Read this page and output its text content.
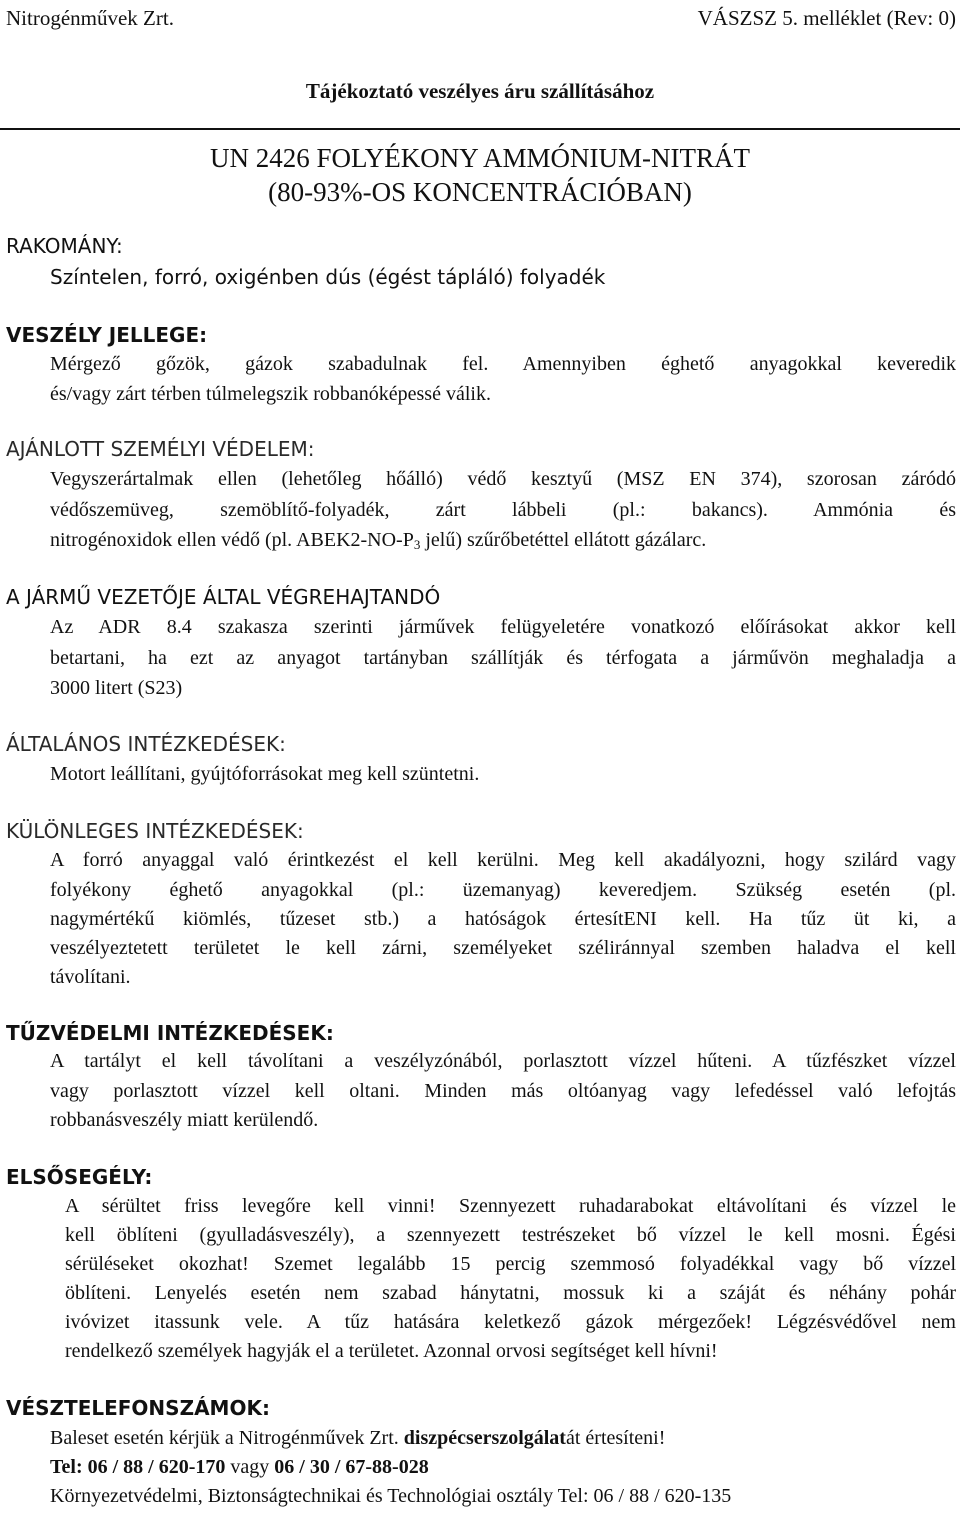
Nitrogénművek Zrt.	VÁSZSZ 5. melléklet (Rev: 0)
Tájékoztató veszélyes áru szállításához
UN 2426 FOLYÉKONY AMMÓNIUM-NITRÁT
(80-93%-OS KONCENTRÁCIÓBAN)
RAKOMÁNY:
Színtelen, forró, oxigénben dús (égést tápláló) folyadék
VESZÉLY JELLEGE:
Mérgező gőzök, gázok szabadulnak fel. Amennyiben éghető anyagokkal keveredik
és/vagy zárt térben túlmelegszik robbanóképessé válik.
AJÁNLOTT SZEMÉLYI VÉDELEM:
Vegyszerártalmak ellen (lehetőleg hőálló) védő kesztyű (MSZ EN 374), szorosan záródó
védőszemüveg, szemöblítő-folyadék, zárt lábbeli (pl.: bakancs). Ammónia és
nitrogénoxidok ellen védő (pl. $ABEK2-NO-P_3$ jelű) szűrőbetéttel ellátott gázálarc.
A JÁRMŰ VEZETŐJE ÁLTAL VÉGREHAJTANDÓ
Az ADR 8.4 szakasza szerinti járművek felügyeletére vonatkozó előírásokat akkor kell
betartani, ha ezt az anyagot tartányban szállítják és térfogata a járművön meghaladja a
3000 litert (S23)
ÁLTALÁNOS INTÉZKEDÉSEK:
Motort leállítani, gyújtóforrásokat meg kell szüntetni.
KÜLÖNLEGES INTÉZKEDÉSEK:
A forró anyaggal való érintkezést el kell kerülni. Meg kell akadályozni, hogy szilárd vagy
folyékony éghető anyagokkal (pl.: üzemanyag) keveredjem. Szükség esetén (pl.
nagymértékű kiömlés, tűzeset stb.) a hatóságok értesítENI kell. Ha tűz üt ki, a
veszélyeztetett területet le kell zárni, személyeket széliránnyal szemben haladva el kell
távolítani.
TŰZVÉDELMI INTÉZKEDÉSEK:
A tartályt el kell távolítani a veszélyzónából, porlasztott vízzel hűteni. A tűzfészket vízzel
vagy porlasztott vízzel kell oltani. Minden más oltóanyag vagy lefedéssel való lefojtás
robbanásveszély miatt kerülendő.
ELSŐSEGÉLY:
A sérültet friss levegőre kell vinni! Szennyezett ruhadarabokat eltávolítani és vízzel le
kell öblíteni (gyulladásveszély), a szennyezett testrészeket bő vízzel le kell mosni. Égési
sérüléseket okozhat! Szemet legalább 15 percig szemmosó folyadékkal vagy bő vízzel
öblíteni. Lenyelés esetén nem szabad hánytatni, mossuk ki a száját és néhány pohár
ivóvizet itassunk vele. A tűz hatására keletkező gázok mérgezőek! Légzésvédővel nem
rendelkező személyek hagyják el a területet. Azonnal orvosi segítséget kell hívni!
VÉSZTELEFONSZÁMOK:
Baleset esetén kérjük a Nitrogénművek Zrt. diszpécserszolgálatát értesíteni!
Tel: 06 / 88 / 620-170 vagy 06 / 30 / 67-88-028
Környezetvédelmi, Biztonságtechnikai és Technológiai osztály Tel: 06 / 88 / 620-135
